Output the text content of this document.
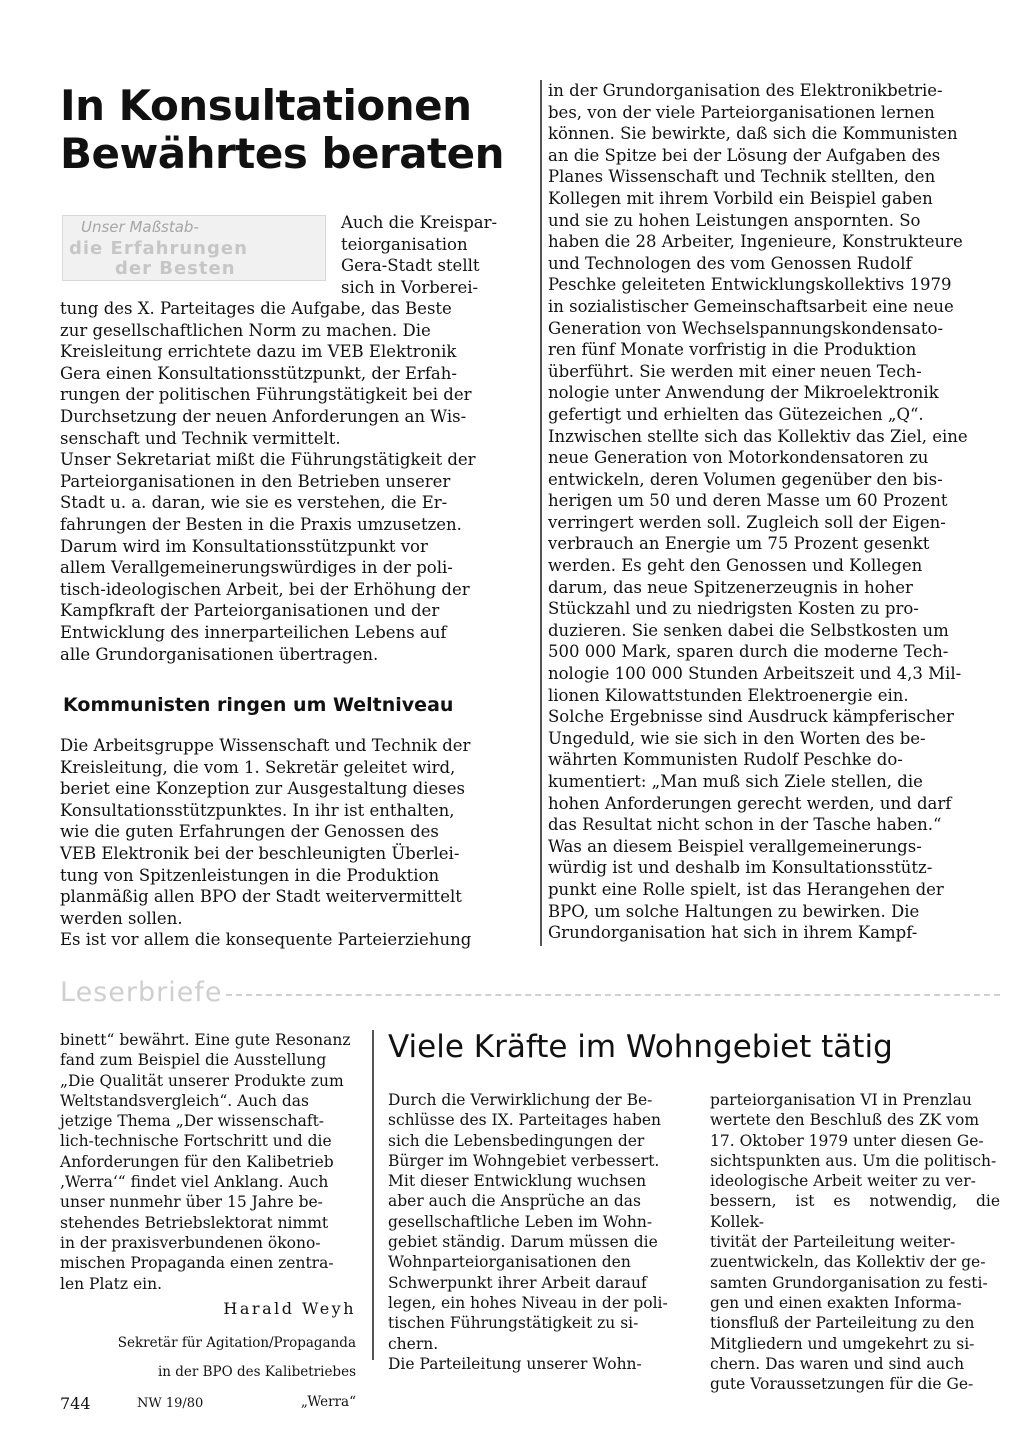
In Konsultationen
Bewährtes beraten
Unser Maßstab-
die Erfahrungen
der Besten

Auch die Kreispar-

teiorganisation

Gera-Stadt stellt

sich in Vorberei-

tung des X. Parteitages die Aufgabe, das Beste

zur gesellschaftlichen Norm zu machen. Die

Kreisleitung errichtete dazu im VEB Elektronik

Gera einen Konsultationsstützpunkt, der Erfah-

rungen der politischen Führungstätigkeit bei der

Durchsetzung der neuen Anforderungen an Wis-

senschaft und Technik vermittelt.

Unser Sekretariat mißt die Führungstätigkeit der

Parteiorganisationen in den Betrieben unserer

Stadt u. a. daran, wie sie es verstehen, die Er-

fahrungen der Besten in die Praxis umzusetzen.

Darum wird im Konsultationsstützpunkt vor

allem Verallgemeinerungswürdiges in der poli-

tisch-ideologischen Arbeit, bei der Erhöhung der

Kampfkraft der Parteiorganisationen und der

Entwicklung des innerparteilichen Lebens auf

alle Grundorganisationen übertragen.

Kommunisten ringen um Weltniveau

Die Arbeitsgruppe Wissenschaft und Technik der

Kreisleitung, die vom 1. Sekretär geleitet wird,

beriet eine Konzeption zur Ausgestaltung dieses

Konsultationsstützpunktes. In ihr ist enthalten,

wie die guten Erfahrungen der Genossen des

VEB Elektronik bei der beschleunigten Überlei-

tung von Spitzenleistungen in die Produktion

planmäßig allen BPO der Stadt weitervermittelt

werden sollen.

Es ist vor allem die konsequente Parteierziehung

in der Grundorganisation des Elektronikbetrie-

bes, von der viele Parteiorganisationen lernen

können. Sie bewirkte, daß sich die Kommunisten

an die Spitze bei der Lösung der Aufgaben des

Planes Wissenschaft und Technik stellten, den

Kollegen mit ihrem Vorbild ein Beispiel gaben

und sie zu hohen Leistungen anspornten. So

haben die 28 Arbeiter, Ingenieure, Konstrukteure

und Technologen des vom Genossen Rudolf

Peschke geleiteten Entwicklungskollektivs 1979

in sozialistischer Gemeinschaftsarbeit eine neue

Generation von Wechselspannungskondensato-

ren fünf Monate vorfristig in die Produktion

überführt. Sie werden mit einer neuen Tech-

nologie unter Anwendung der Mikroelektronik

gefertigt und erhielten das Gütezeichen „Q“.

Inzwischen stellte sich das Kollektiv das Ziel, eine

neue Generation von Motorkondensatoren zu

entwickeln, deren Volumen gegenüber den bis-

herigen um 50 und deren Masse um 60 Prozent

verringert werden soll. Zugleich soll der Eigen-

verbrauch an Energie um 75 Prozent gesenkt

werden. Es geht den Genossen und Kollegen

darum, das neue Spitzenerzeugnis in hoher

Stückzahl und zu niedrigsten Kosten zu pro-

duzieren. Sie senken dabei die Selbstkosten um

500 000 Mark, sparen durch die moderne Tech-

nologie 100 000 Stunden Arbeitszeit und 4,3 Mil-

lionen Kilowattstunden Elektroenergie ein.

Solche Ergebnisse sind Ausdruck kämpferischer

Ungeduld, wie sie sich in den Worten des be-

währten Kommunisten Rudolf Peschke do-

kumentiert: „Man muß sich Ziele stellen, die

hohen Anforderungen gerecht werden, und darf

das Resultat nicht schon in der Tasche haben.“

Was an diesem Beispiel verallgemeinerungs-

würdig ist und deshalb im Konsultationsstütz-

punkt eine Rolle spielt, ist das Herangehen der

BPO, um solche Haltungen zu bewirken. Die

Grundorganisation hat sich in ihrem Kampf-

Leserbriefe

binett“ bewährt. Eine gute Resonanz

fand zum Beispiel die Ausstellung

„Die Qualität unserer Produkte zum

Weltstandsvergleich“. Auch das

jetzige Thema „Der wissenschaft-

lich-technische Fortschritt und die

Anforderungen für den Kalibetrieb

‚Werra‘“ findet viel Anklang. Auch

unser nunmehr über 15 Jahre be-

stehendes Betriebslektorat nimmt

in der praxisverbundenen ökono-

mischen Propaganda einen zentra-

len Platz ein.

Harald Weyh

Sekretär für Agitation/Propaganda

in der BPO des Kalibetriebes

„Werra“

Viele Kräfte im Wohngebiet tätig

Durch die Verwirklichung der Be-

schlüsse des IX. Parteitages haben

sich die Lebensbedingungen der

Bürger im Wohngebiet verbessert.

Mit dieser Entwicklung wuchsen

aber auch die Ansprüche an das

gesellschaftliche Leben im Wohn-

gebiet ständig. Darum müssen die

Wohnparteiorganisationen den

Schwerpunkt ihrer Arbeit darauf

legen, ein hohes Niveau in der poli-

tischen Führungstätigkeit zu si-

chern.

Die Parteileitung unserer Wohn-

parteiorganisation VI in Prenzlau

wertete den Beschluß des ZK vom

17. Oktober 1979 unter diesen Ge-

sichtspunkten aus. Um die politisch-

ideologische Arbeit weiter zu ver-

bessern, ist es notwendig, die Kollek-

tivität der Parteileitung weiter-

zuentwickeln, das Kollektiv der ge-

samten Grundorganisation zu festi-

gen und einen exakten Informa-

tionsfluß der Parteileitung zu den

Mitgliedern und umgekehrt zu si-

chern. Das waren und sind auch

gute Voraussetzungen für die Ge-

744	NW 19/80
